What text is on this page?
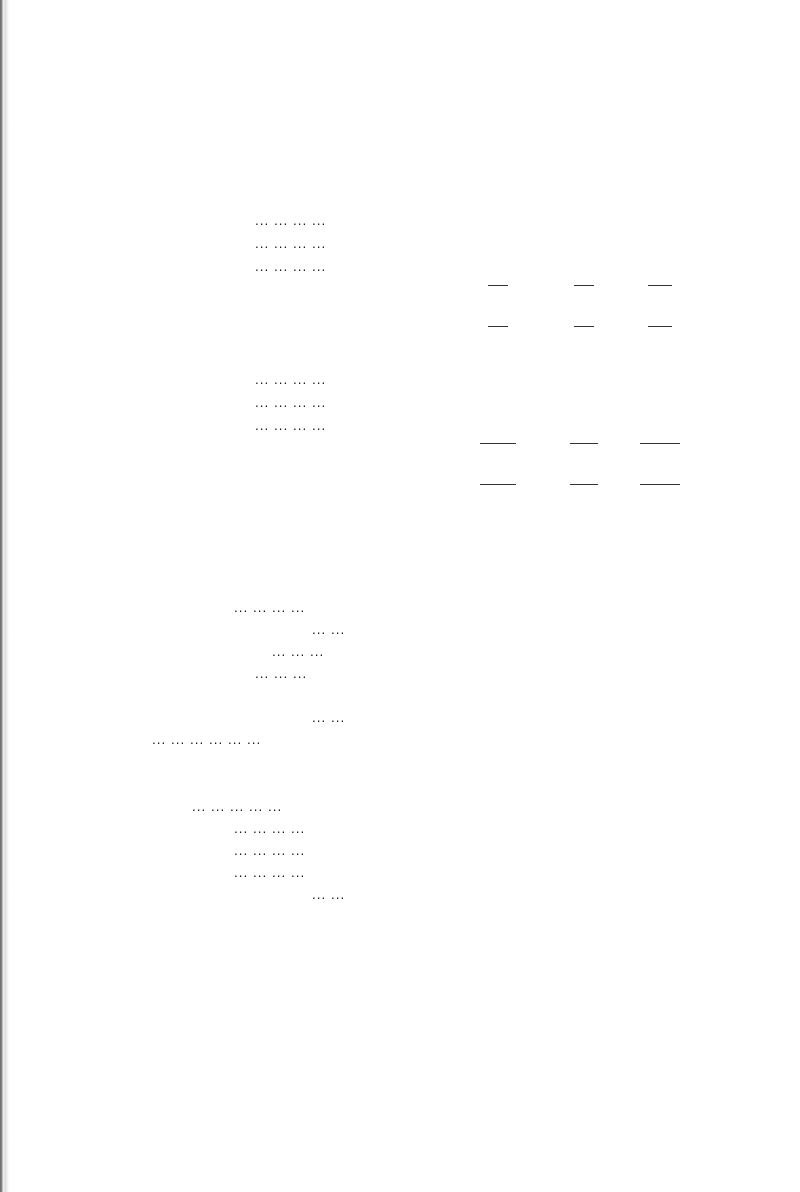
... ... ... ...
... ... ... ...
... ... ... ...
... ... ... ...
... ... ... ...
... ... ... ...
... ... ... ...
... ...
... ... ...
... ... ...
... ...
... ... ... ... ... ...
... ... ... ... ...
... ... ... ...
... ... ... ...
... ... ... ...
... ...
